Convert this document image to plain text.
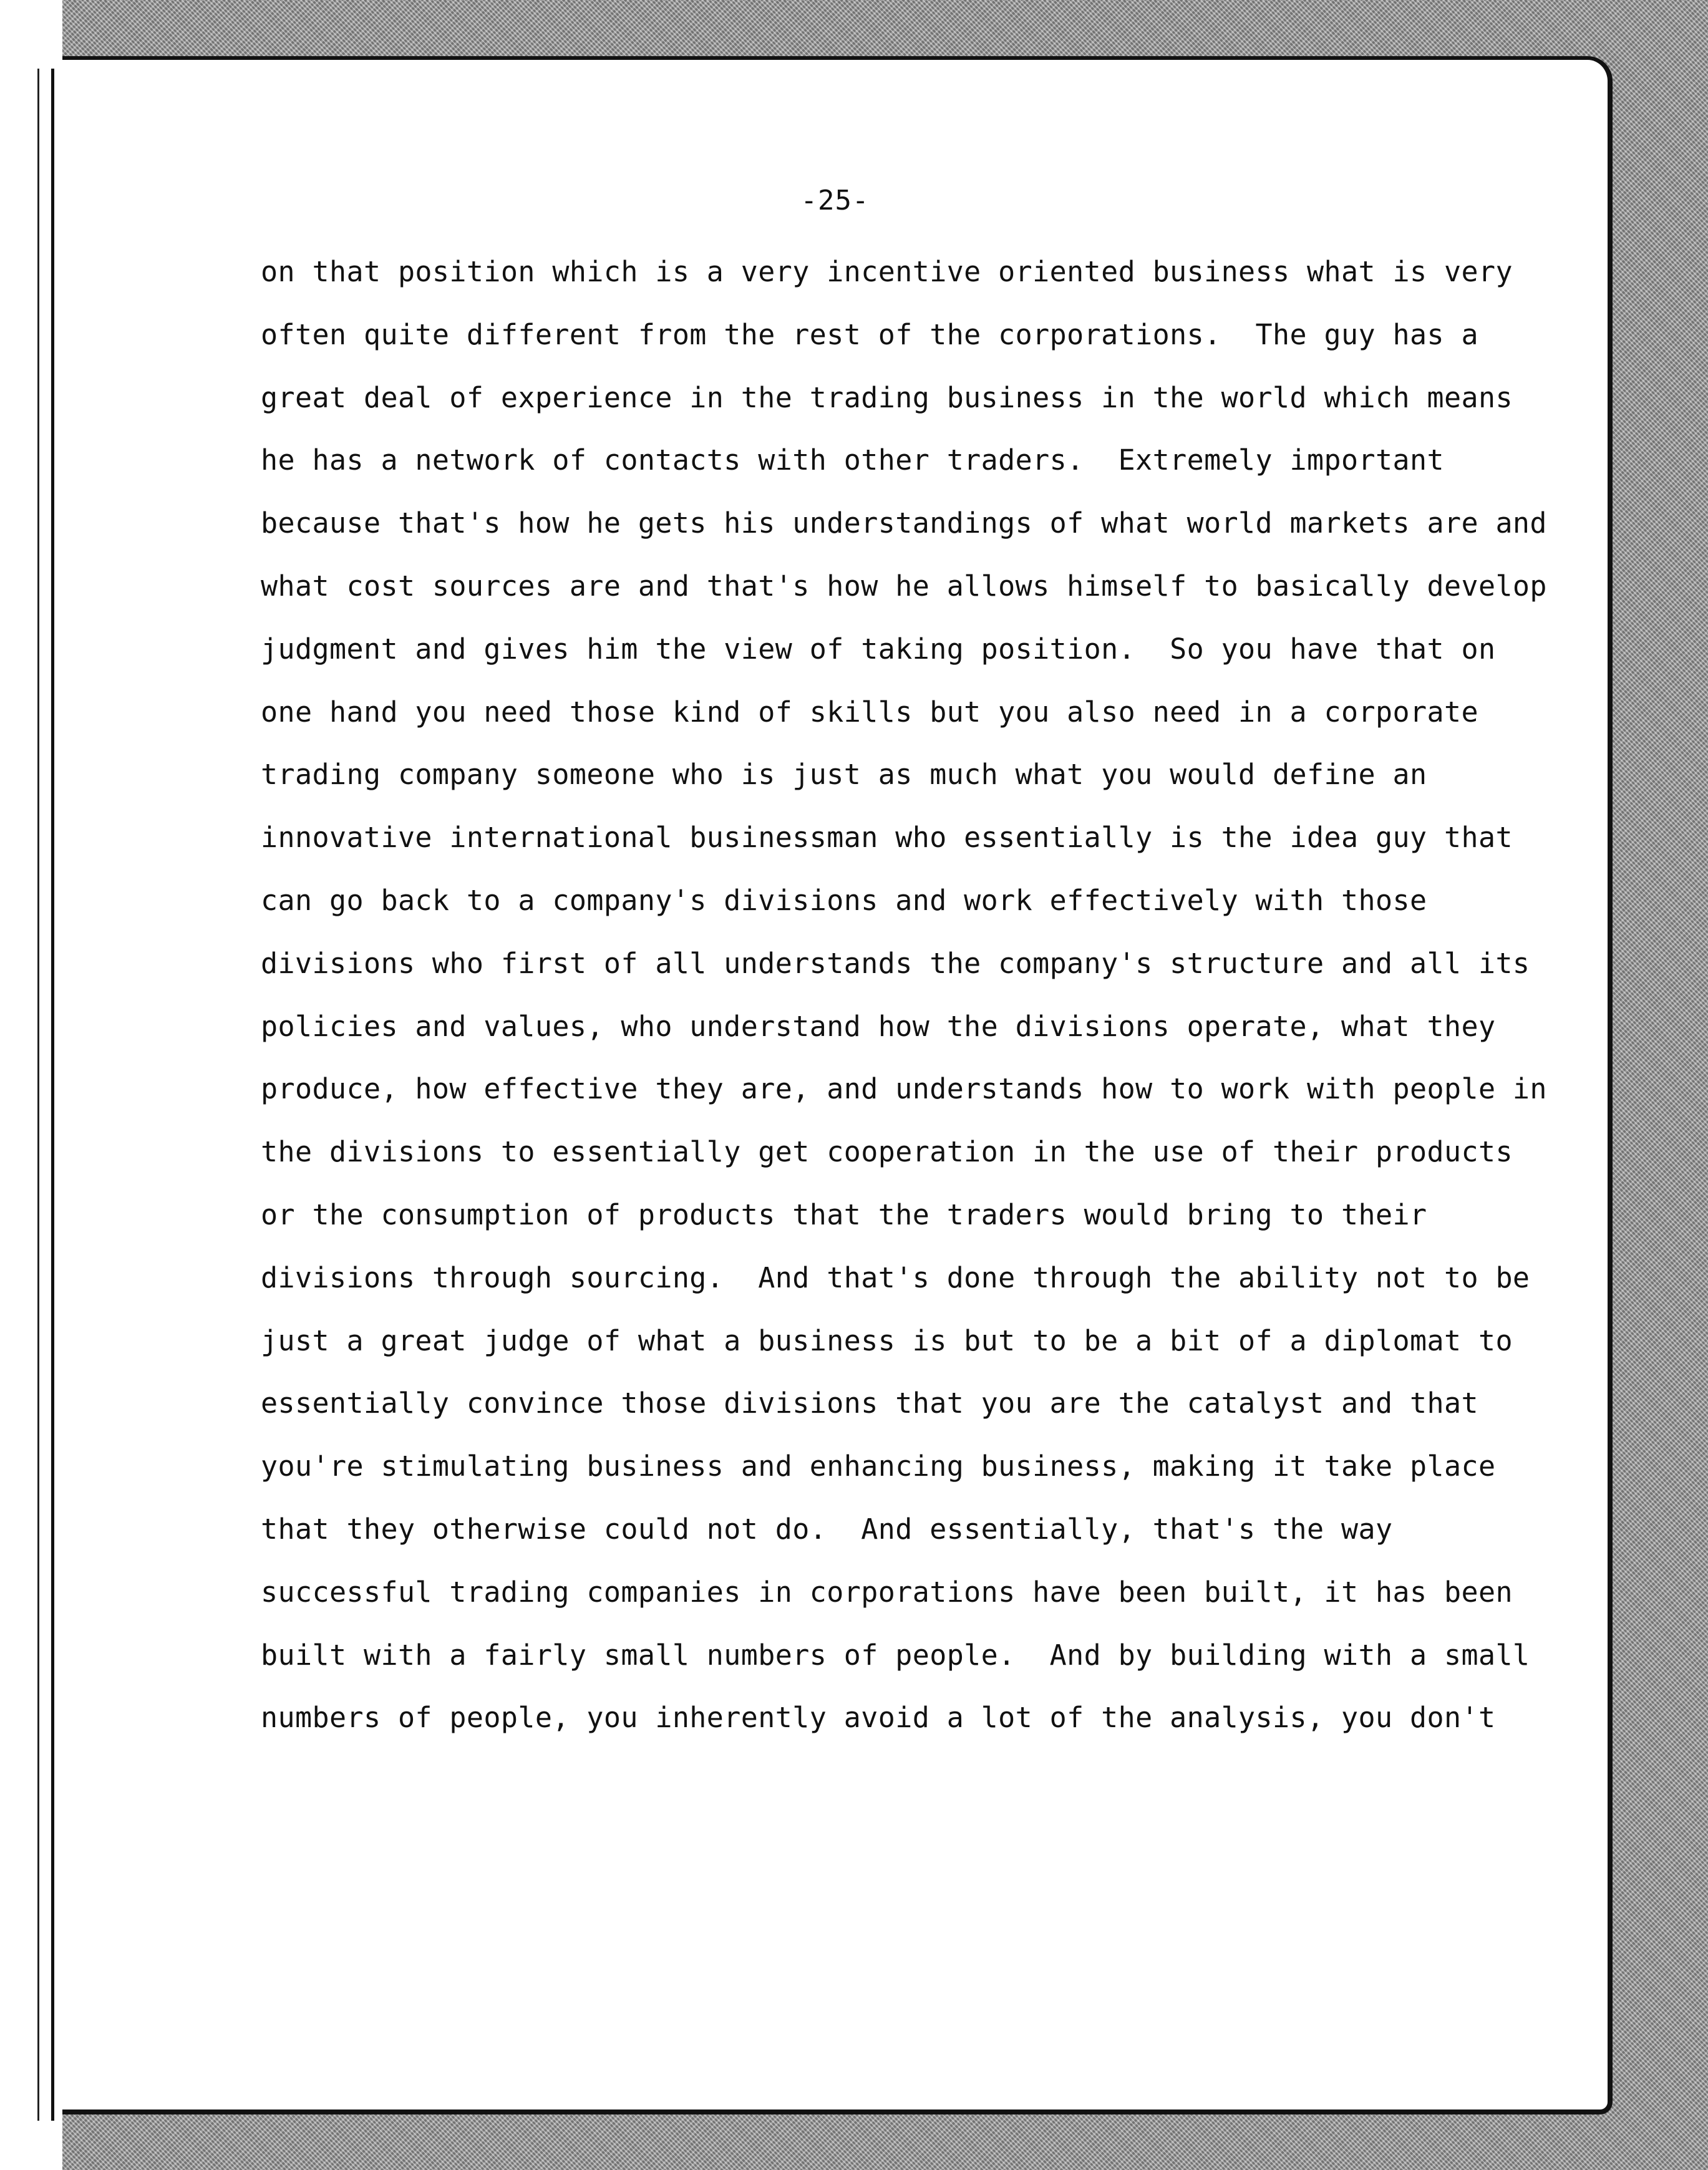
-25-
on that position which is a very incentive oriented business what is very
often quite different from the rest of the corporations.  The guy has a
great deal of experience in the trading business in the world which means
he has a network of contacts with other traders.  Extremely important
because that's how he gets his understandings of what world markets are and
what cost sources are and that's how he allows himself to basically develop
judgment and gives him the view of taking position.  So you have that on
one hand you need those kind of skills but you also need in a corporate
trading company someone who is just as much what you would define an
innovative international businessman who essentially is the idea guy that
can go back to a company's divisions and work effectively with those
divisions who first of all understands the company's structure and all its
policies and values, who understand how the divisions operate, what they
produce, how effective they are, and understands how to work with people in
the divisions to essentially get cooperation in the use of their products
or the consumption of products that the traders would bring to their
divisions through sourcing.  And that's done through the ability not to be
just a great judge of what a business is but to be a bit of a diplomat to
essentially convince those divisions that you are the catalyst and that
you're stimulating business and enhancing business, making it take place
that they otherwise could not do.  And essentially, that's the way
successful trading companies in corporations have been built, it has been
built with a fairly small numbers of people.  And by building with a small
numbers of people, you inherently avoid a lot of the analysis, you don't
